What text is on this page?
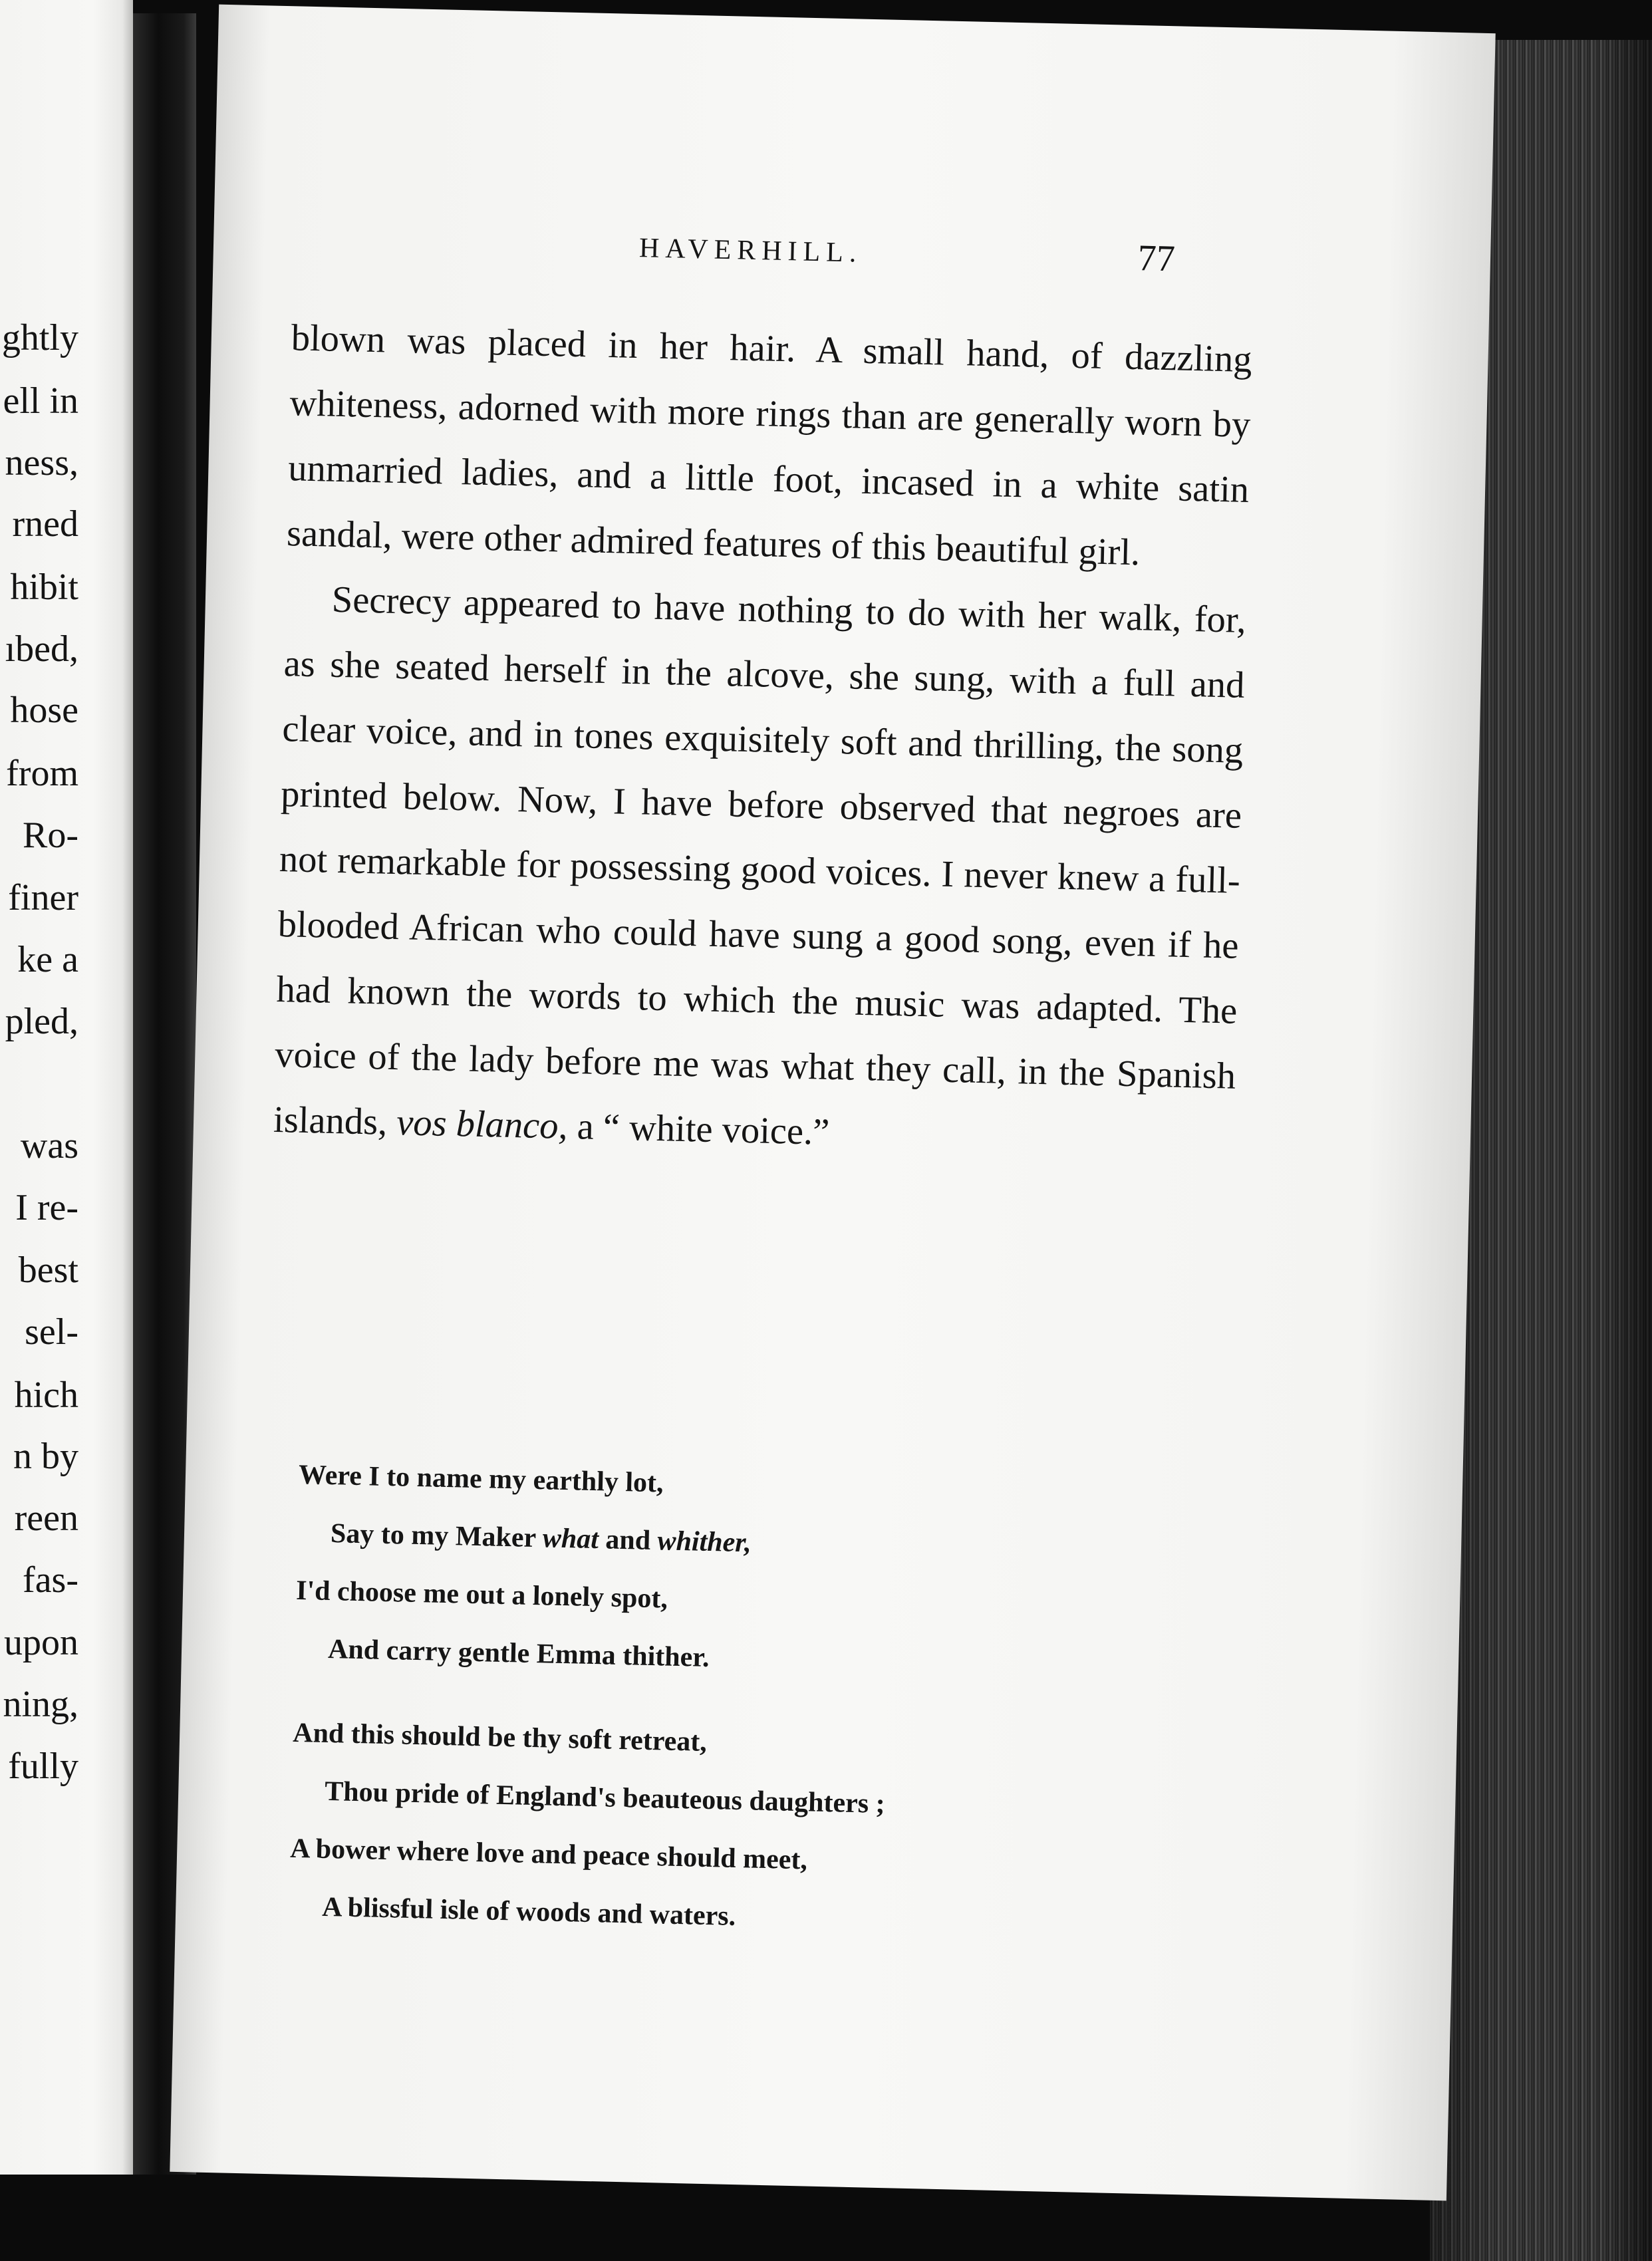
ghtly
ell in
ness,
rned
hibit
ıbed,
hose
from
Ro-
finer
ke a
pled,
was
I re-
best
sel-
hich
n by
reen
fas-
upon
ning,
fully
HAVERHILL.	77

blown was placed in her hair. A small hand, of dazzling whiteness, adorned with more rings than are generally worn by unmarried ladies, and a little foot, incased in a white satin sandal, were other admired features of this beautiful girl.

Secrecy appeared to have nothing to do with her walk, for, as she seated herself in the alcove, she sung, with a full and clear voice, and in tones exquisitely soft and thrilling, the song printed below. Now, I have before observed that negroes are not remarkable for possessing good voices. I never knew a full-blooded African who could have sung a good song, even if he had known the words to which the music was adapted. The voice of the lady before me was what they call, in the Spanish islands, vos blanco, a “ white voice.”

Were I to name my earthly lot,
Say to my Maker what and whither,
I'd choose me out a lonely spot,
And carry gentle Emma thither.
And this should be thy soft retreat,
Thou pride of England's beauteous daughters ;
A bower where love and peace should meet,
A blissful isle of woods and waters.
